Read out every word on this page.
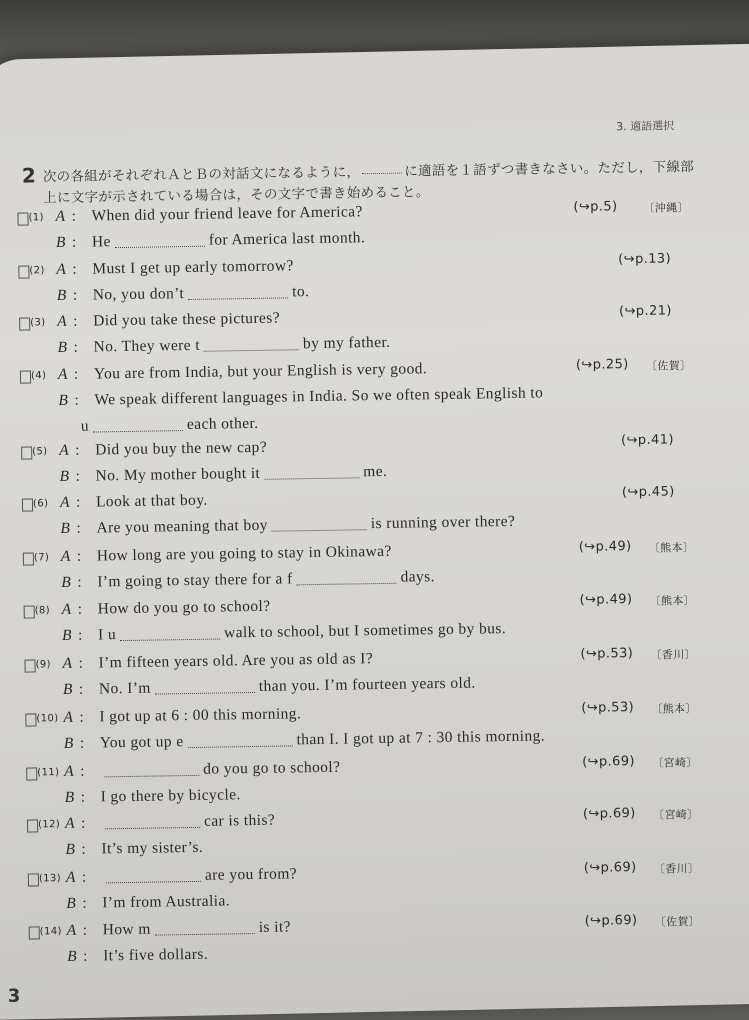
3. 適語選択
2 次の各組がそれぞれＡとＢの対話文になるように，	に適語を１語ずつ書きなさい。ただし，下線部
上に文字が示されている場合は，その文字で書き始めること。
A : When did your friend leave for America?
(1)
(↪p.5) 〔沖縄〕
B : He	for America last month.
A : Must I get up early tomorrow?
(2)
(↪p.13)
B : No, you don’t	to.
A : Did you take these pictures?
(3)
(↪p.21)
B : No. They were t	by my father.
A : You are from India, but your English is very good.
(4)
(↪p.25) 〔佐賀〕
B : We speak different languages in India. So we often speak English to
u	each other.
A : Did you buy the new cap?
(5)
(↪p.41)
B : No. My mother bought it	me.
A : Look at that boy.
(6)
(↪p.45)
B : Are you meaning that boy	is running over there?
A : How long are you going to stay in Okinawa?
(7)
(↪p.49) 〔熊本〕
B : I’m going to stay there for a f	days.
A : How do you go to school?
(8)
(↪p.49) 〔熊本〕
B : I u	walk to school, but I sometimes go by bus.
A : I’m fifteen years old. Are you as old as I?
(9)
(↪p.53) 〔香川〕
B : No. I’m	than you. I’m fourteen years old.
A : I got up at 6 : 00 this morning.
(10)
(↪p.53) 〔熊本〕
B : You got up e	than I. I got up at 7 : 30 this morning.
A :	do you go to school?
(11)
(↪p.69) 〔宮崎〕
B : I go there by bicycle.
A :	car is this?
(12)
(↪p.69) 〔宮崎〕
B : It’s my sister’s.
A :	are you from?
(13)
(↪p.69) 〔香川〕
B : I’m from Australia.
A : How m	is it?
(14)
(↪p.69) 〔佐賀〕
B : It’s five dollars.
3
